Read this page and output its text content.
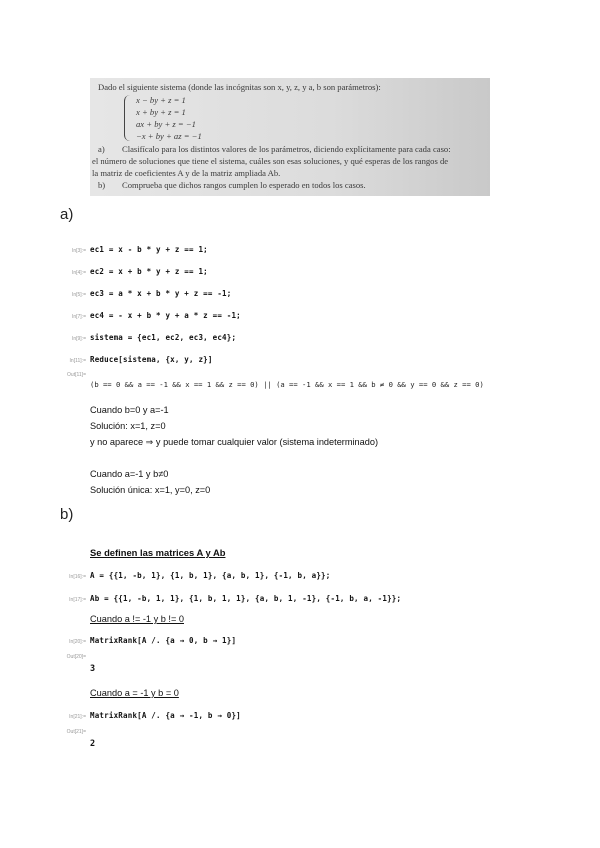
Dado el siguiente sistema (donde las incógnitas son x, y, z, y a, b son parámetros):
x − by + z = 1
x + by + z = 1
ax + by + z = −1
−x + by + az = −1
a) Clasifícalo para los distintos valores de los parámetros, diciendo explícitamente para cada caso:
el número de soluciones que tiene el sistema, cuáles son esas soluciones, y qué esperas de los rangos de
la matriz de coeficientes A y de la matriz ampliada Ab.
b) Comprueba que dichos rangos cumplen lo esperado en todos los casos.
a)
In[3]:= ec1 = x - b * y + z == 1;
In[4]:= ec2 = x + b * y + z == 1;
In[5]:= ec3 = a * x + b * y + z == -1;
In[7]:= ec4 = - x + b * y + a * z == -1;
In[9]:= sistema = {ec1, ec2, ec3, ec4};
In[11]:= Reduce[sistema, {x, y, z}]
Out[11]=
(b == 0 && a == -1 && x == 1 && z == 0) || (a == -1 && x == 1 && b ≠ 0 && y == 0 && z == 0)
Cuando b=0 y a=-1
Solución: x=1, z=0
y no aparece ⇒ y puede tomar cualquier valor (sistema indeterminado)
Cuando a=-1 y b≠0
Solución única: x=1, y=0, z=0
b)
Se definen las matrices A y Ab
In[16]:= A = {{1, -b, 1}, {1, b, 1}, {a, b, 1}, {-1, b, a}};
In[17]:= Ab = {{1, -b, 1, 1}, {1, b, 1, 1}, {a, b, 1, -1}, {-1, b, a, -1}};
Cuando a != -1 y b != 0
In[20]:= MatrixRank[A /. {a → 0, b → 1}]
Out[20]=
3
Cuando a = -1 y b = 0
In[21]:= MatrixRank[A /. {a → -1, b → 0}]
Out[21]=
2
